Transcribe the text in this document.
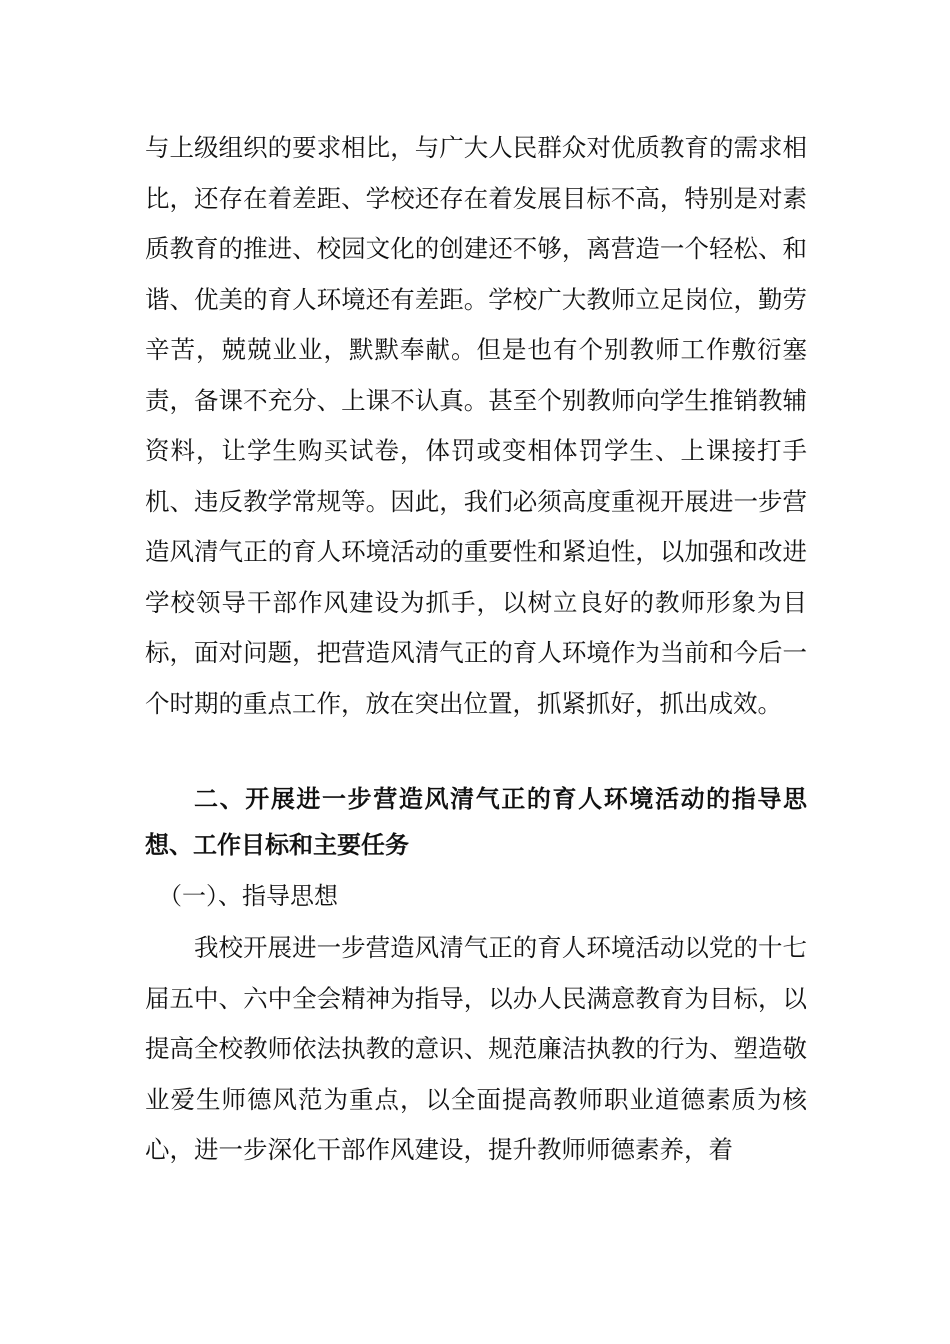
与上级组织的要求相比，与广大人民群众对优质教育的需求相比，还存在着差距、学校还存在着发展目标不高，特别是对素质教育的推进、校园文化的创建还不够，离营造一个轻松、和谐、优美的育人环境还有差距。学校广大教师立足岗位，勤劳辛苦，兢兢业业，默默奉献。但是也有个别教师工作敷衍塞责，备课不充分、上课不认真。甚至个别教师向学生推销教辅资料，让学生购买试卷，体罚或变相体罚学生、上课接打手机、违反教学常规等。因此，我们必须高度重视开展进一步营造风清气正的育人环境活动的重要性和紧迫性，以加强和改进学校领导干部作风建设为抓手，以树立良好的教师形象为目标，面对问题，把营造风清气正的育人环境作为当前和今后一个时期的重点工作，放在突出位置，抓紧抓好，抓出成效。
二、开展进一步营造风清气正的育人环境活动的指导思想、工作目标和主要任务
（一）、指导思想
我校开展进一步营造风清气正的育人环境活动以党的十七届五中、六中全会精神为指导，以办人民满意教育为目标，以提高全校教师依法执教的意识、规范廉洁执教的行为、塑造敬业爱生师德风范为重点，以全面提高教师职业道德素质为核心，进一步深化干部作风建设，提升教师师德素养，着
